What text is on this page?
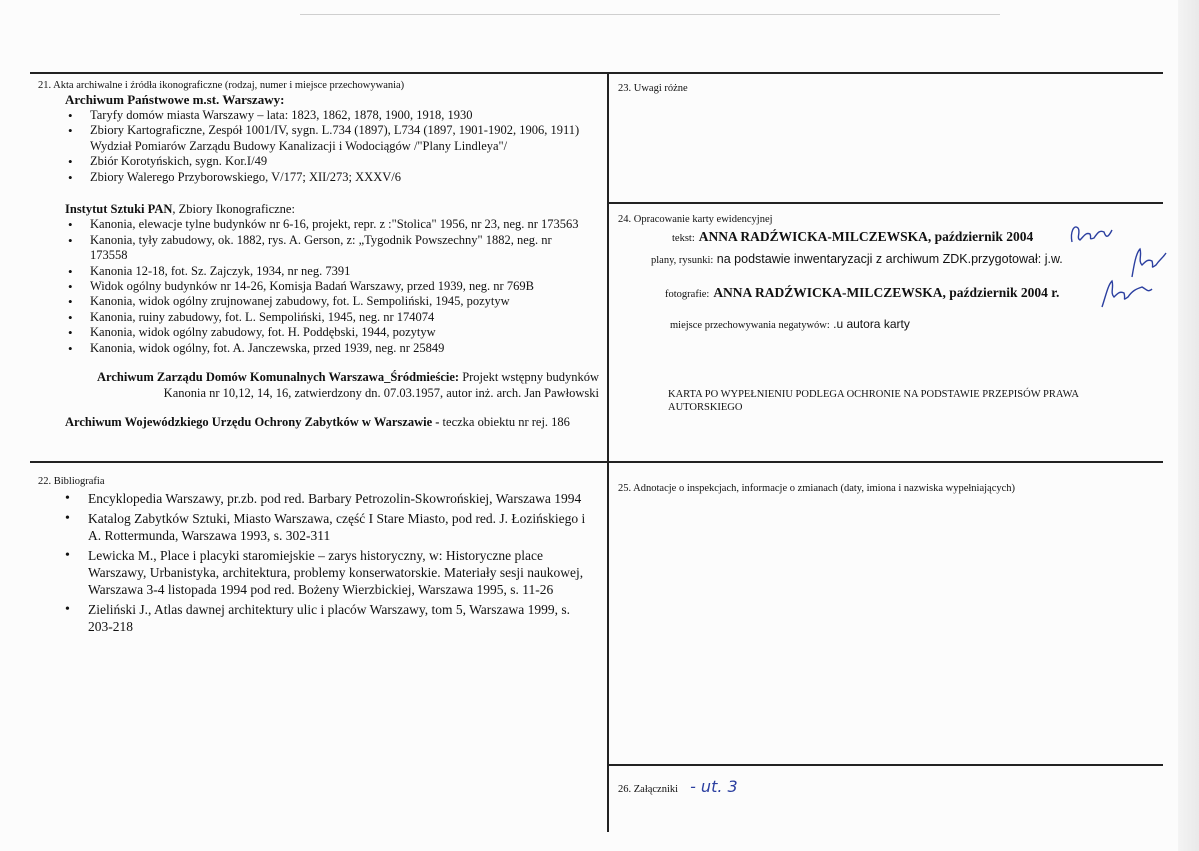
21. Akta archiwalne i źródła ikonograficzne (rodzaj, numer i miejsce przechowywania)
Archiwum Państwowe m.st. Warszawy:
• Taryfy domów miasta Warszawy – lata: 1823, 1862, 1878, 1900, 1918, 1930
• Zbiory Kartograficzne, Zespół 1001/IV, sygn. L.734 (1897), L734 (1897, 1901-1902, 1906, 1911)
Wydział Pomiarów Zarządu Budowy Kanalizacji i Wodociągów /"Plany Lindleya"/
• Zbiór Korotyńskich, sygn. Kor.I/49
• Zbiory Walerego Przyborowskiego, V/177; XII/273; XXXV/6
Instytut Sztuki PAN, Zbiory Ikonograficzne:
• Kanonia, elewacje tylne budynków nr 6-16, projekt, repr. z :"Stolica" 1956, nr 23, neg. nr 173563
• Kanonia, tyły zabudowy, ok. 1882, rys. A. Gerson, z: „Tygodnik Powszechny" 1882, neg. nr 173558
• Kanonia 12-18, fot. Sz. Zajczyk, 1934, nr neg. 7391
• Widok ogólny budynków nr 14-26, Komisja Badań Warszawy, przed 1939, neg. nr 769B
• Kanonia, widok ogólny zrujnowanej zabudowy, fot. L. Sempoliński, 1945, pozytyw
• Kanonia, ruiny zabudowy, fot. L. Sempoliński, 1945, neg. nr 174074
• Kanonia, widok ogólny zabudowy, fot. H. Poddębski, 1944, pozytyw
• Kanonia, widok ogólny, fot. A. Janczewska, przed 1939, neg. nr 25849
Archiwum Zarządu Domów Komunalnych Warszawa_Śródmieście: Projekt wstępny budynków
Kanonia nr 10,12, 14, 16, zatwierdzony dn. 07.03.1957, autor inż. arch. Jan Pawłowski
Archiwum Wojewódzkiego Urzędu Ochrony Zabytków w Warszawie - teczka obiektu nr rej. 186
22. Bibliografia
• Encyklopedia Warszawy, pr.zb. pod red. Barbary Petrozolin-Skowrońskiej, Warszawa 1994
• Katalog Zabytków Sztuki, Miasto Warszawa, część I Stare Miasto, pod red. J. Łozińskiego i A. Rottermunda, Warszawa 1993, s. 302-311
• Lewicka M., Place i placyki staromiejskie – zarys historyczny, w: Historyczne place Warszawy, Urbanistyka, architektura, problemy konserwatorskie. Materiały sesji naukowej, Warszawa 3-4 listopada 1994 pod red. Bożeny Wierzbickiej, Warszawa 1995, s. 11-26
• Zieliński J., Atlas dawnej architektury ulic i placów Warszawy, tom 5, Warszawa 1999, s. 203-218
23. Uwagi różne
24. Opracowanie karty ewidencyjnej
tekst: ANNA RADŹWICKA-MILCZEWSKA, październik 2004
plany, rysunki: na podstawie inwentaryzacji z archiwum ZDK.przygotował: j.w.
fotografie: ANNA RADŹWICKA-MILCZEWSKA, październik 2004 r.
miejsce przechowywania negatywów: .u autora karty
KARTA PO WYPEŁNIENIU PODLEGA OCHRONIE NA PODSTAWIE PRZEPISÓW PRAWA AUTORSKIEGO
25. Adnotacje o inspekcjach, informacje o zmianach (daty, imiona i nazwiska wypełniających)
26. Załączniki - ut. 3
